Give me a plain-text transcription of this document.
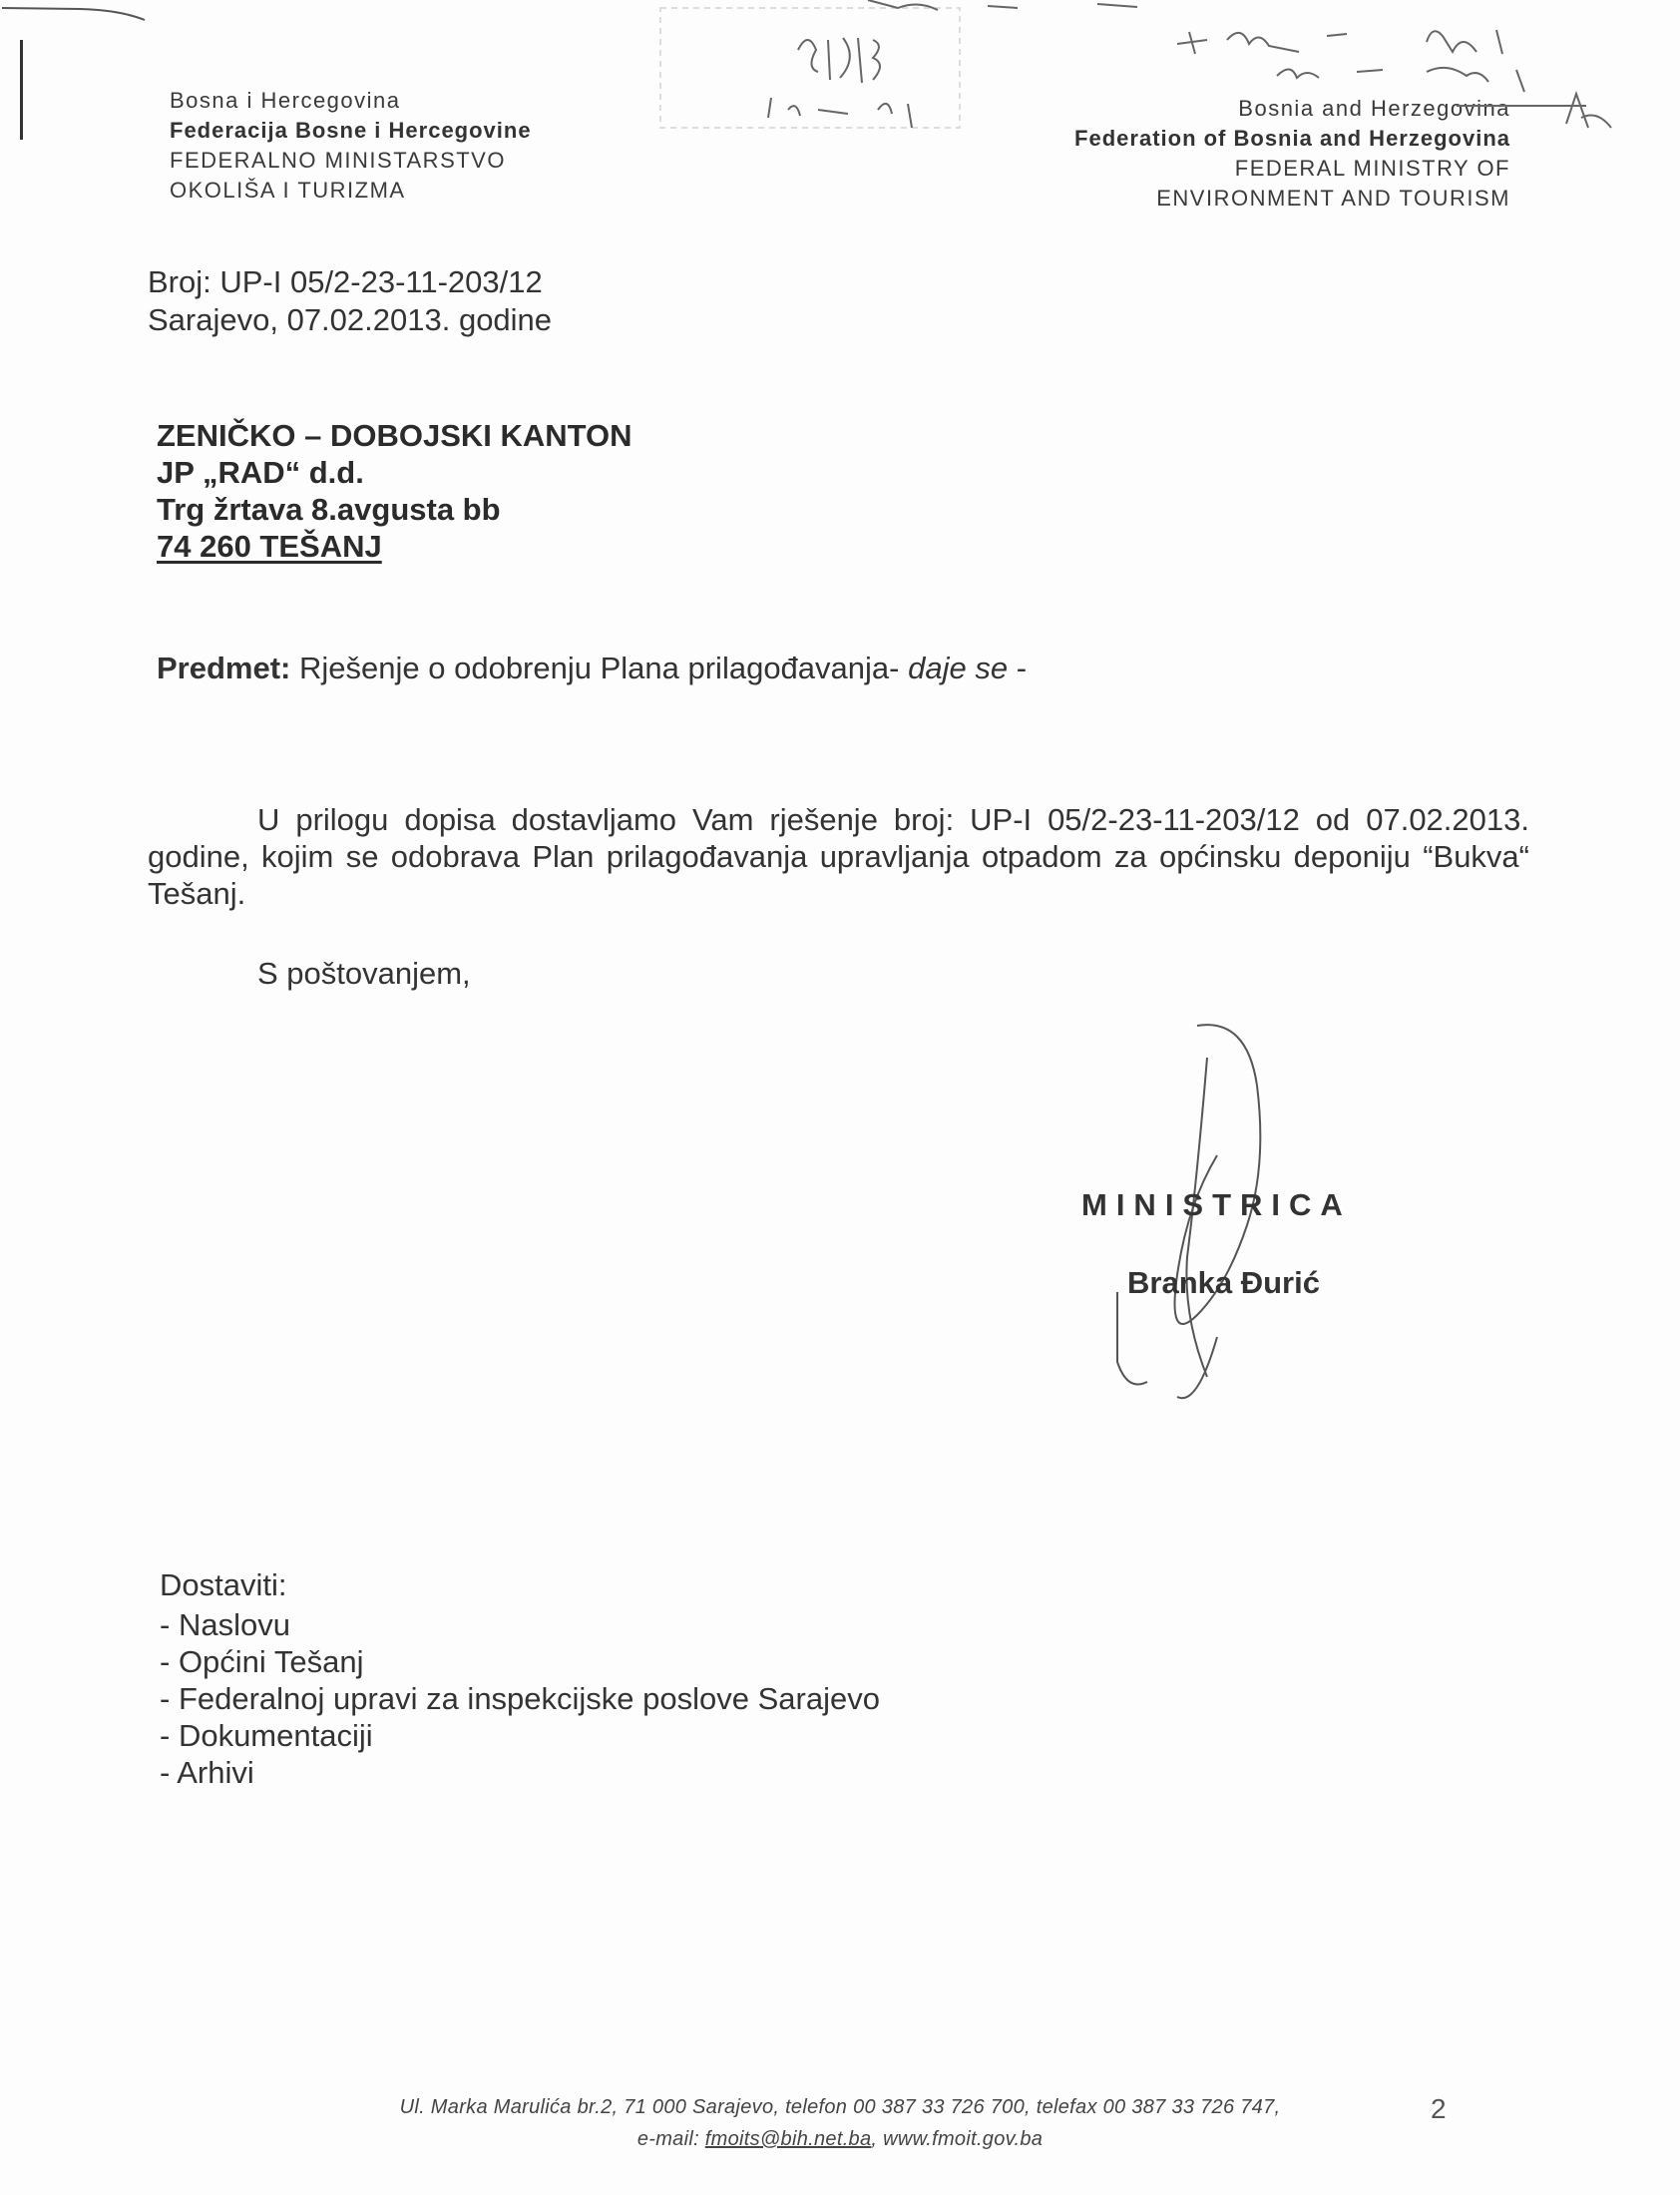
Bosna i Hercegovina
Federacija Bosne i Hercegovine
FEDERALNO MINISTARSTVO
OKOLIŠA I TURIZMA
Bosnia and Herzegovina
Federation of Bosnia and Herzegovina
FEDERAL MINISTRY OF
ENVIRONMENT AND TOURISM
Broj: UP-I 05/2-23-11-203/12
Sarajevo, 07.02.2013. godine
ZENIČKO – DOBOJSKI KANTON
JP „RAD“ d.d.
Trg žrtava 8.avgusta bb
74 260 TEŠANJ
Predmet: Rješenje o odobrenju Plana prilagođavanja- daje se -
U prilogu dopisa dostavljamo Vam rješenje broj: UP-I 05/2-23-11-203/12 od 07.02.2013. godine, kojim se odobrava Plan prilagođavanja upravljanja otpadom za općinsku deponiju “Bukva“ Tešanj.
S poštovanjem,
MINISTRICA
Branka Đurić
Dostaviti:
- Naslovu
- Općini Tešanj
- Federalnoj upravi za inspekcijske poslove Sarajevo
- Dokumentaciji
- Arhivi
Ul. Marka Marulića br.2, 71 000 Sarajevo, telefon 00 387 33 726 700, telefax 00 387 33 726 747,
e-mail: fmoits@bih.net.ba, www.fmoit.gov.ba
2
